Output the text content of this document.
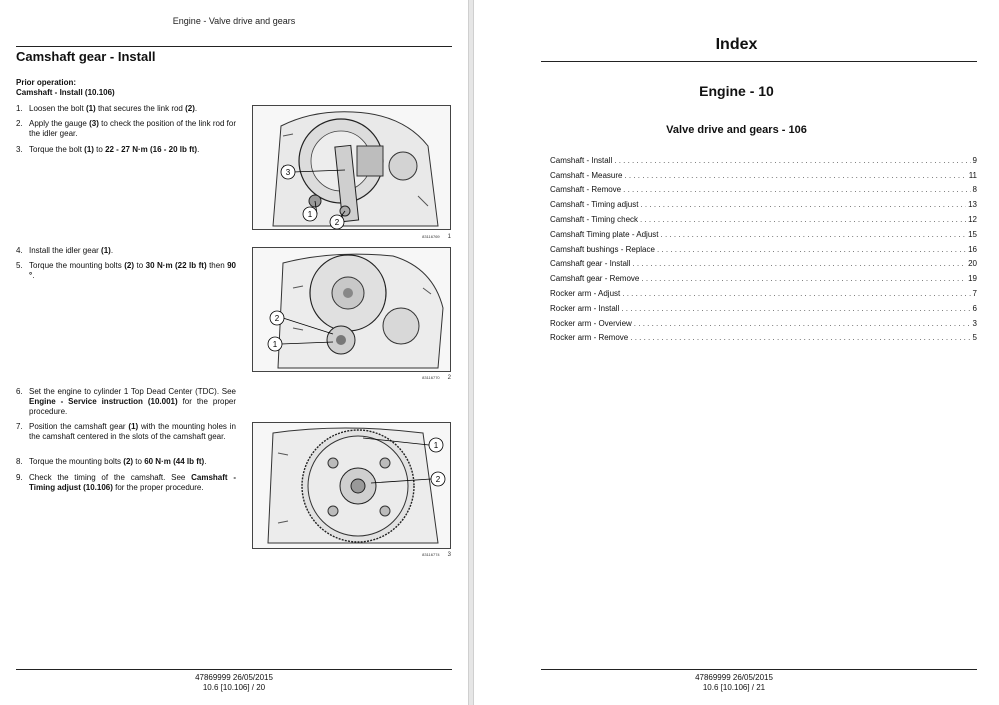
Engine - Valve drive and gears
Camshaft gear - Install
Prior operation:
Camshaft - Install (10.106)
1. Loosen the bolt (1) that secures the link rod (2).
2. Apply the gauge (3) to check the position of the link rod for the idler gear.
3. Torque the bolt (1) to 22 - 27 N·m (16 - 20 lb ft).
4. Install the idler gear (1).
5. Torque the mounting bolts (2) to 30 N·m (22 lb ft) then 90 °.
6. Set the engine to cylinder 1 Top Dead Center (TDC). See Engine - Service instruction (10.001) for the proper procedure.
7. Position the camshaft gear (1) with the mounting holes in the camshaft centered in the slots of the camshaft gear.
8. Torque the mounting bolts (2) to 60 N·m (44 lb ft).
9. Check the timing of the camshaft. See Camshaft - Timing adjust (10.106) for the proper procedure.
3
1
2
83116769 1
2
1
83116770 2
1
2
83116774 3
47869999 26/05/2015
10.6 [10.106] / 20
Index
Engine - 10
Valve drive and gears - 106
Camshaft - Install . . .	9
Camshaft - Measure . . .	11
Camshaft - Remove . . .	8
Camshaft - Timing adjust . . .	13
Camshaft - Timing check . . .	12
Camshaft Timing plate - Adjust . . .	15
Camshaft bushings - Replace . . .	16
Camshaft gear - Install . . .	20
Camshaft gear - Remove . . .	19
Rocker arm - Adjust . . .	7
Rocker arm - Install . . .	6
Rocker arm - Overview . . .	3
Rocker arm - Remove . . .	5
47869999 26/05/2015
10.6 [10.106] / 21
